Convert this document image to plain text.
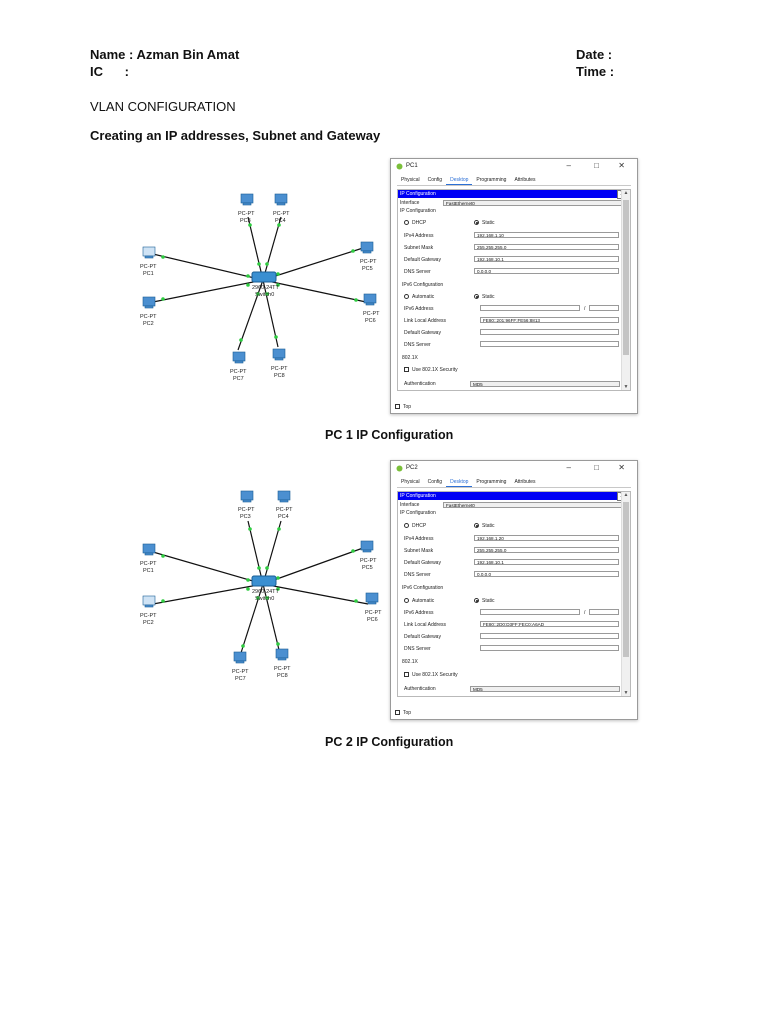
Name : Azman Bin Amat
IC      :
Date :
Time :
VLAN CONFIGURATION
Creating an IP addresses, Subnet and Gateway
2960-24TT
Switch0
PC-PT
PC3
PC-PT
PC4
PC-PT
PC1
PC-PT
PC5
PC-PT
PC2
PC-PT
PC6
PC-PT
PC7
PC-PT
PC8
PC1	–	□ ✕
Physical	Config	Desktop	Programming	Attributes
IP Configuration
Interface	FastEthernet0
IP Configuration
DHCP	Static
IPv4 Address	192.168.1.10
Subnet Mask	255.255.255.0
Default Gateway	192.168.10.1
DNS Server	0.0.0.0
IPv6 Configuration
Automatic	Static
IPv6 Address	/
Link Local Address	FE80::201:96FF:FE56:8813
Default Gateway
DNS Server
802.1X
Use 802.1X Security
Authentication	MD5
▲
▼
Top
PC 1 IP Configuration
2960-24TT
Switch0
PC-PT
PC3
PC-PT
PC4
PC-PT
PC1
PC-PT
PC5
PC-PT
PC2
PC-PT
PC6
PC-PT
PC7
PC-PT
PC8
PC2	–	□ ✕
Physical	Config	Desktop	Programming	Attributes
IP Configuration
Interface	FastEthernet0
IP Configuration
DHCP	Static
IPv4 Address	192.168.1.20
Subnet Mask	255.255.255.0
Default Gateway	192.168.10.1
DNS Server	0.0.0.0
IPv6 Configuration
Automatic	Static
IPv6 Address	/
Link Local Address	FE80::2D0:D3FF:FEC0:A6AD
Default Gateway
DNS Server
802.1X
Use 802.1X Security
Authentication	MD5
▲
▼
Top
PC 2 IP Configuration
